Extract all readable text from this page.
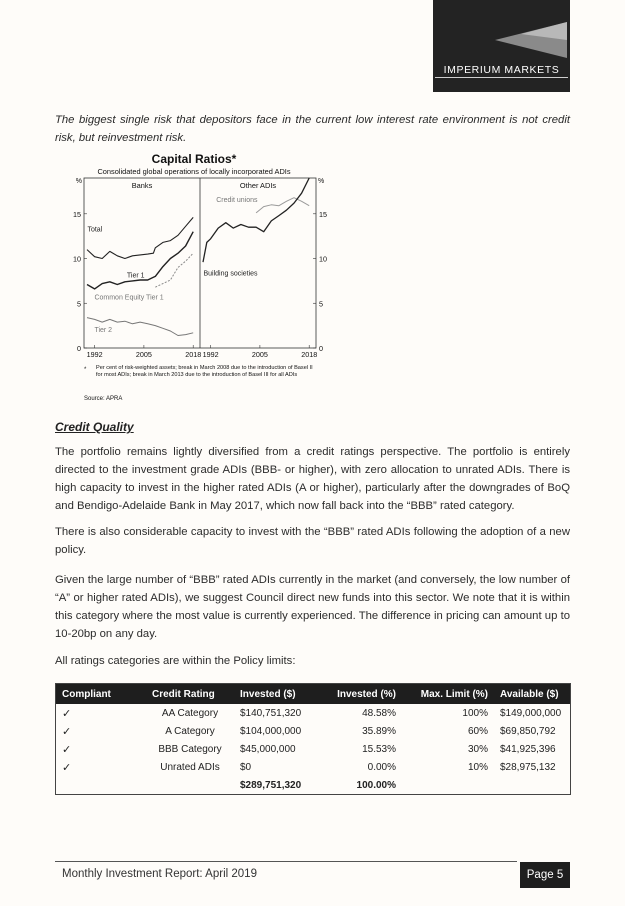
IMPERIUM MARKETS
The biggest single risk that depositors face in the current low interest rate environment is not credit risk, but reinvestment risk.
Capital Ratios*
Consolidated global operations of locally incorporated ADIs
0	0
5	5
10	10
15	15
%	%
Banks
1992	2005	2018
Total
Tier 1
Common Equity Tier 1
Tier 2
Other ADIs
1992	2005	2018
Credit unions
Building societies
* Per cent of risk-weighted assets; break in March 2008 due to the introduction of Basel II for most ADIs; break in March 2013 due to the introduction of Basel III for all ADIs
Source: APRA
Credit Quality

The portfolio remains lightly diversified from a credit ratings perspective. The portfolio is entirely directed to the investment grade ADIs (BBB- or higher), with zero allocation to unrated ADIs. There is high capacity to invest in the higher rated ADIs (A or higher), particularly after the downgrades of BoQ and Bendigo-Adelaide Bank in May 2017, which now fall back into the “BBB” rated category.

There is also considerable capacity to invest with the “BBB” rated ADIs following the adoption of a new policy.

Given the large number of “BBB” rated ADIs currently in the market (and conversely, the low number of “A” or higher rated ADIs), we suggest Council direct new funds into this sector. We note that it is within this category where the most value is currently experienced. The difference in pricing can amount up to 10-20bp on any day.

All ratings categories are within the Policy limits:

Compliant	Credit Rating	Invested ($)	Invested (%)	Max. Limit (%)	Available ($)
✓	AA Category	$140,751,320	48.58%	100%	$149,000,000
✓	A Category	$104,000,000	35.89%	60%	$69,850,792
✓	BBB Category	$45,000,000	15.53%	30%	$41,925,396
✓	Unrated ADIs	$0	0.00%	10%	$28,975,132
		$289,751,320	100.00%		
Monthly Investment Report: April 2019	Page 5
